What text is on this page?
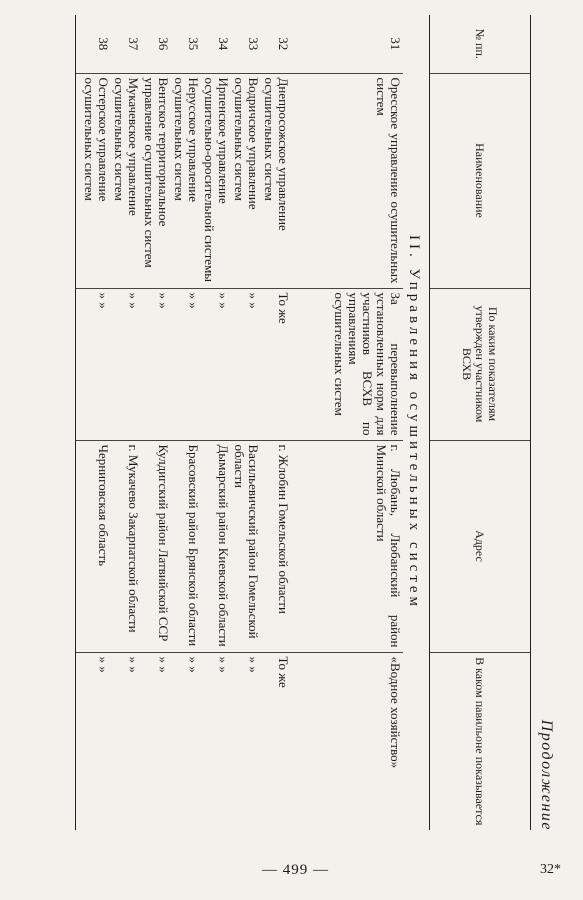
Продолжение
№ пп.	Наименование	По каким показателям утвержден участником ВСХВ	Адрес	В каком павильоне показывается
II. Управления осушительных систем				
31	Оресское управление осушительных систем	За перевыполнение установленных норм для участников ВСХВ по управлениям осушительных систем	г. Любань, Любанский район Минской области	«Водное хозяйство»
32	Днепросожское управление осушительных систем	То же	г. Жлобин Гомельской области	То же
33	Водричское управление осушительных систем	» »	Васильевичский район Гомельской области	» »
34	Ирпенское управление осушительно-оросительной системы	» »	Дымарский район Киевской области	» »
35	Нерусское управление осушительных систем	» »	Брасовский район Брянской области	» »
36	Вентское территориальное управление осушительных систем	» »	Кулдигский район Латвийской ССР	» »
37	Мукачевское управление осушительных систем	» »	г. Мукачево Закарпатской области	» »
38	Остерское управление осушительных систем	» »	Черниговская область	» »
— 499 —	32*
